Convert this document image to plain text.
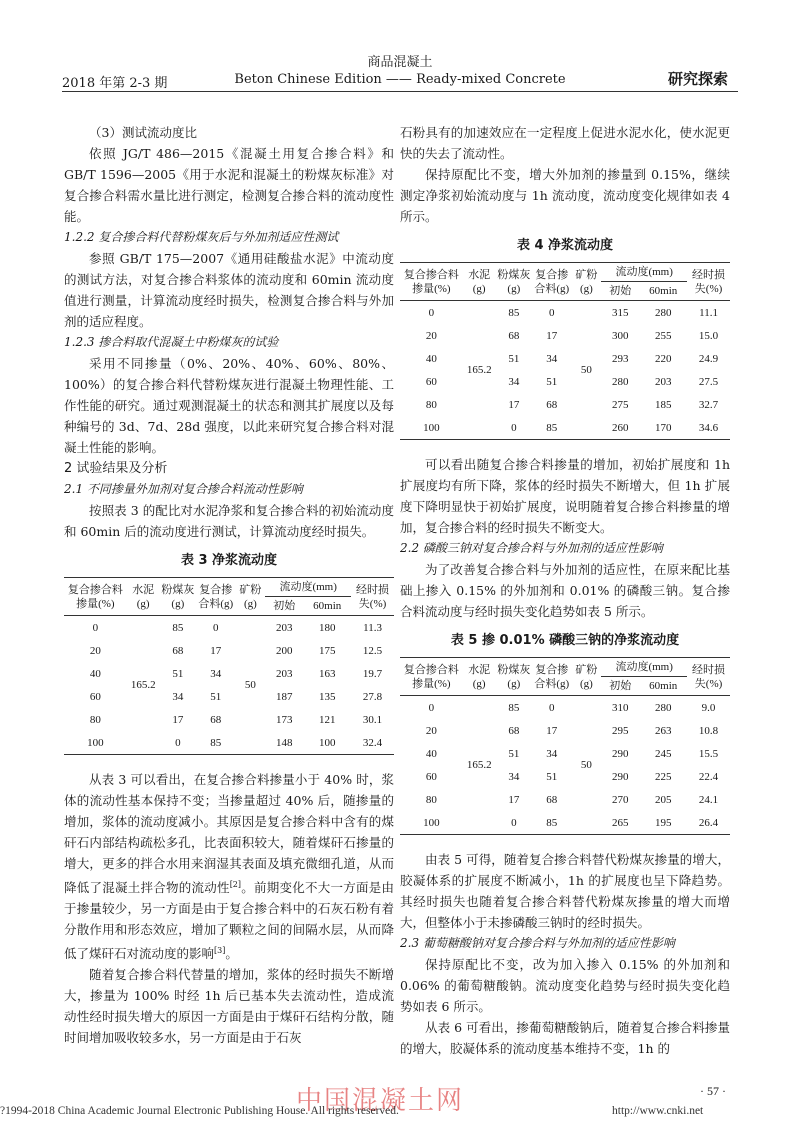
商品混凝土
Beton Chinese Edition —— Ready-mixed Concrete
2018 年第 2-3 期	研究探索

（3）测试流动度比

依照 JG/T 486—2015《混凝土用复合掺合料》和 GB/T 1596—2005《用于水泥和混凝土的粉煤灰标准》对复合掺合料需水量比进行测定，检测复合掺合料的流动度性能。

1.2.2 复合掺合料代替粉煤灰后与外加剂适应性测试

参照 GB/T 175—2007《通用硅酸盐水泥》中流动度的测试方法，对复合掺合料浆体的流动度和 60min 流动度值进行测量，计算流动度经时损失，检测复合掺合料与外加剂的适应程度。

1.2.3 掺合料取代混凝土中粉煤灰的试验

采用不同掺量（0%、20%、40%、60%、80%、100%）的复合掺合料代替粉煤灰进行混凝土物理性能、工作性能的研究。通过观测混凝土的状态和测其扩展度以及每种编号的 3d、7d、28d 强度，以此来研究复合掺合料对混凝土性能的影响。

2 试验结果及分析

2.1 不同掺量外加剂对复合掺合料流动性影响

按照表 3 的配比对水泥净浆和复合掺合料的初始流动度和 60min 后的流动度进行测试，计算流动度经时损失。

表 3 净浆流动度
复合掺合料掺量(%)	水泥(g)	粉煤灰(g)	复合掺合料(g)	矿粉(g)	流动度(mm)		经时损失(%)
					初始	60min	
0	165.2	85	0	50	203	180	11.3
20		68	17		200	175	12.5
40		51	34		203	163	19.7
60		34	51		187	135	27.8
80		17	68		173	121	30.1
100		0	85		148	100	32.4

从表 3 可以看出，在复合掺合料掺量小于 40% 时，浆体的流动性基本保持不变；当掺量超过 40% 后，随掺量的增加，浆体的流动度减小。其原因是复合掺合料中含有的煤矸石内部结构疏松多孔，比表面积较大，随着煤矸石掺量的增大，更多的拌合水用来润湿其表面及填充微细孔道，从而降低了混凝土拌合物的流动性[2]。前期变化不大一方面是由于掺量较少，另一方面是由于复合掺合料中的石灰石粉有着分散作用和形态效应，增加了颗粒之间的间隔水层，从而降低了煤矸石对流动度的影响[3]。

随着复合掺合料代替量的增加，浆体的经时损失不断增大，掺量为 100% 时经 1h 后已基本失去流动性，造成流动性经时损失增大的原因一方面是由于煤矸石结构分散，随时间增加吸收较多水，另一方面是由于石灰

石粉具有的加速效应在一定程度上促进水泥水化，使水泥更快的失去了流动性。

保持原配比不变，增大外加剂的掺量到 0.15%，继续测定净浆初始流动度与 1h 流动度，流动度变化规律如表 4 所示。

表 4 净浆流动度
复合掺合料掺量(%)	水泥(g)	粉煤灰(g)	复合掺合料(g)	矿粉(g)	流动度(mm)		经时损失(%)
					初始	60min	
0	165.2	85	0	50	315	280	11.1
20		68	17		300	255	15.0
40		51	34		293	220	24.9
60		34	51		280	203	27.5
80		17	68		275	185	32.7
100		0	85		260	170	34.6

可以看出随复合掺合料掺量的增加，初始扩展度和 1h 扩展度均有所下降，浆体的经时损失不断增大，但 1h 扩展度下降明显快于初始扩展度，说明随着复合掺合料掺量的增加，复合掺合料的经时损失不断变大。

2.2 磷酸三钠对复合掺合料与外加剂的适应性影响

为了改善复合掺合料与外加剂的适应性，在原来配比基础上掺入 0.15% 的外加剂和 0.01% 的磷酸三钠。复合掺合料流动度与经时损失变化趋势如表 5 所示。

表 5 掺 0.01% 磷酸三钠的净浆流动度
复合掺合料掺量(%)	水泥(g)	粉煤灰(g)	复合掺合料(g)	矿粉(g)	流动度(mm)		经时损失(%)
					初始	60min	
0	165.2	85	0	50	310	280	9.0
20		68	17		295	263	10.8
40		51	34		290	245	15.5
60		34	51		290	225	22.4
80		17	68		270	205	24.1
100		0	85		265	195	26.4

由表 5 可得，随着复合掺合料替代粉煤灰掺量的增大，胶凝体系的扩展度不断减小，1h 的扩展度也呈下降趋势。其经时损失也随着复合掺合料替代粉煤灰掺量的增大而增大，但整体小于未掺磷酸三钠时的经时损失。

2.3 葡萄糖酸钠对复合掺合料与外加剂的适应性影响

保持原配比不变，改为加入掺入 0.15% 的外加剂和 0.06% 的葡萄糖酸钠。流动度变化趋势与经时损失变化趋势如表 6 所示。

从表 6 可看出，掺葡萄糖酸钠后，随着复合掺合料掺量的增大，胶凝体系的流动度基本维持不变，1h 的

· 57 ·
中国混凝土网
?1994-2018 China Academic Journal Electronic Publishing House. All rights reserved.	http://www.cnki.net
